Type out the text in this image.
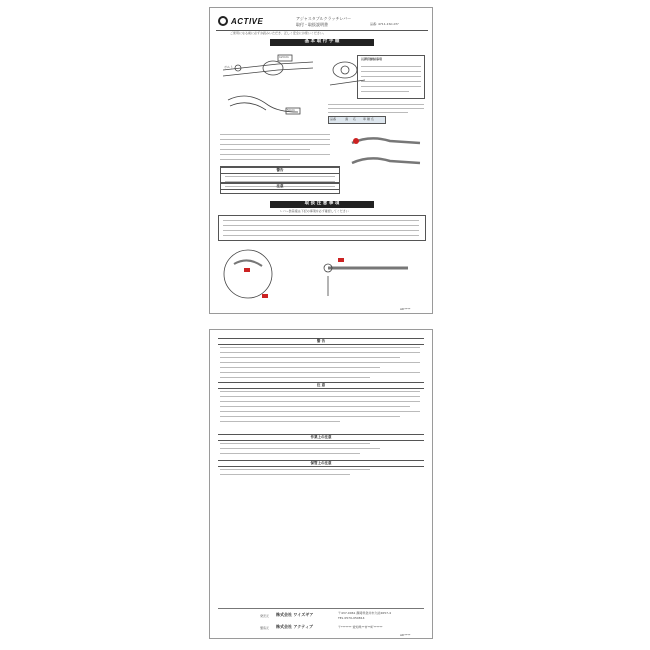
ACTIVE	アジャスタブルクラッチレバー
取付・取扱説明書	品番: 4711-1SC-0??
ご使用になる前に必ずお読みいただき、正しく安全にお使いください。
基 本 取 付 手 順
ボルト
12mm
5mm
長押持締結事項
品番	適 応 車 種 名
警告
注意
取 扱 注 意 事 項
レバー装着後は下記の事項を必ず確認してください
AD****
警 告
注 意
作業上の注意
保管上の注意
発売元 株式会社 ワイズギア	〒437-0061 静岡県袋井市久能2657-4
TEL 0570-050814
製造元 株式会社 アクティブ	〒******* 愛知県**市**町******
AD****
